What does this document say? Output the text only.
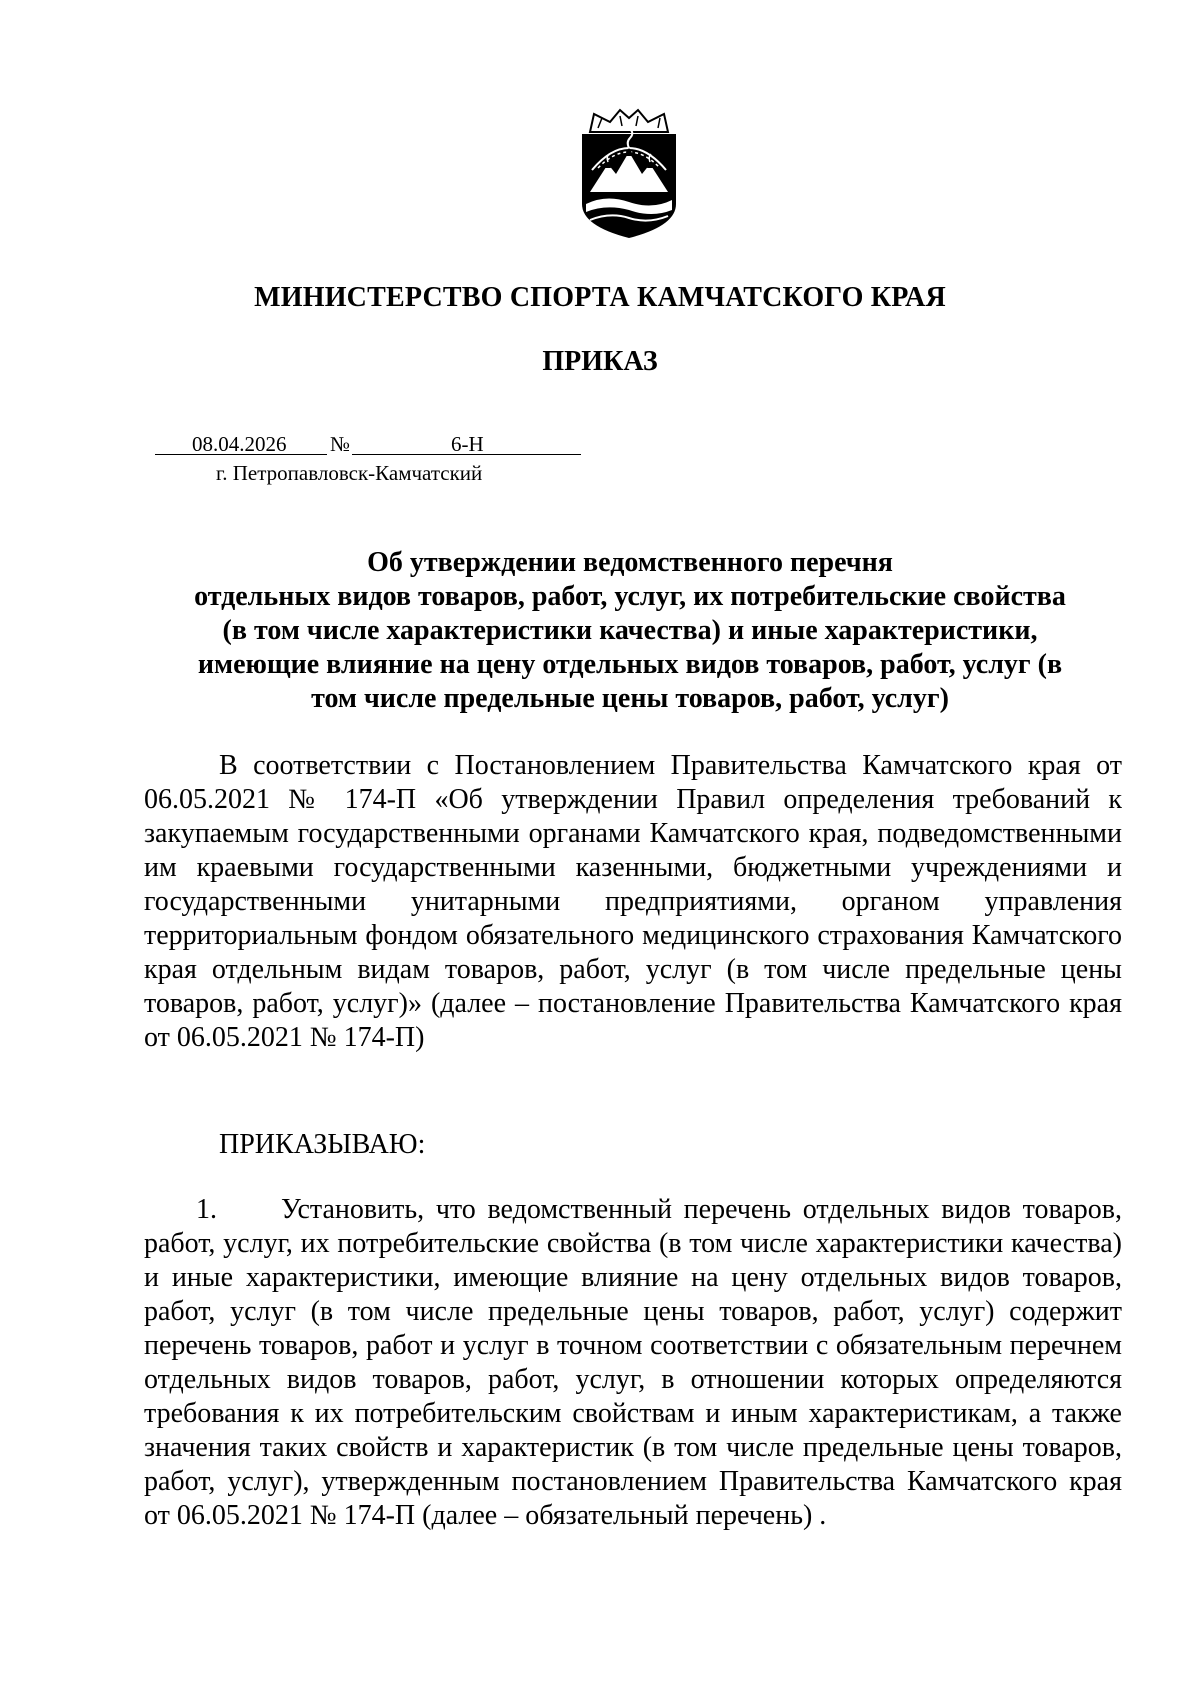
МИНИСТЕРСТВО СПОРТА КАМЧАТСКОГО КРАЯ
ПРИКАЗ
08.04.2026 №	6-Н
г. Петропавловск-Камчатский
Об утверждении ведомственного перечня
отдельных видов товаров, работ, услуг, их потребительские свойства
(в том числе характеристики качества) и иные характеристики,
имеющие влияние на цену отдельных видов товаров, работ, услуг (в
том числе предельные цены товаров, работ, услуг)
В соответствии с Постановлением Правительства Камчатского края от 06.05.2021 № 174-П «Об утверждении Правил определения требований к закупаемым государственными органами Камчатского края, подведомственными им краевыми государственными казенными, бюджетными учреждениями и государственными унитарными предприятиями, органом управления территориальным фондом обязательного медицинского страхования Камчатского края отдельным видам товаров, работ, услуг (в том числе предельные цены товаров, работ, услуг)» (далее – постановление Правительства Камчатского края от 06.05.2021 № 174-П)
ПРИКАЗЫВАЮ:
1. Установить, что ведомственный перечень отдельных видов товаров, работ, услуг, их потребительские свойства (в том числе характеристики качества) и иные характеристики, имеющие влияние на цену отдельных видов товаров, работ, услуг (в том числе предельные цены товаров, работ, услуг) содержит перечень товаров, работ и услуг в точном соответствии с обязательным перечнем отдельных видов товаров, работ, услуг, в отношении которых определяются требования к их потребительским свойствам и иным характеристикам, а также значения таких свойств и характеристик (в том числе предельные цены товаров, работ, услуг), утвержденным постановлением Правительства Камчатского края от 06.05.2021 № 174-П (далее – обязательный перечень) .
